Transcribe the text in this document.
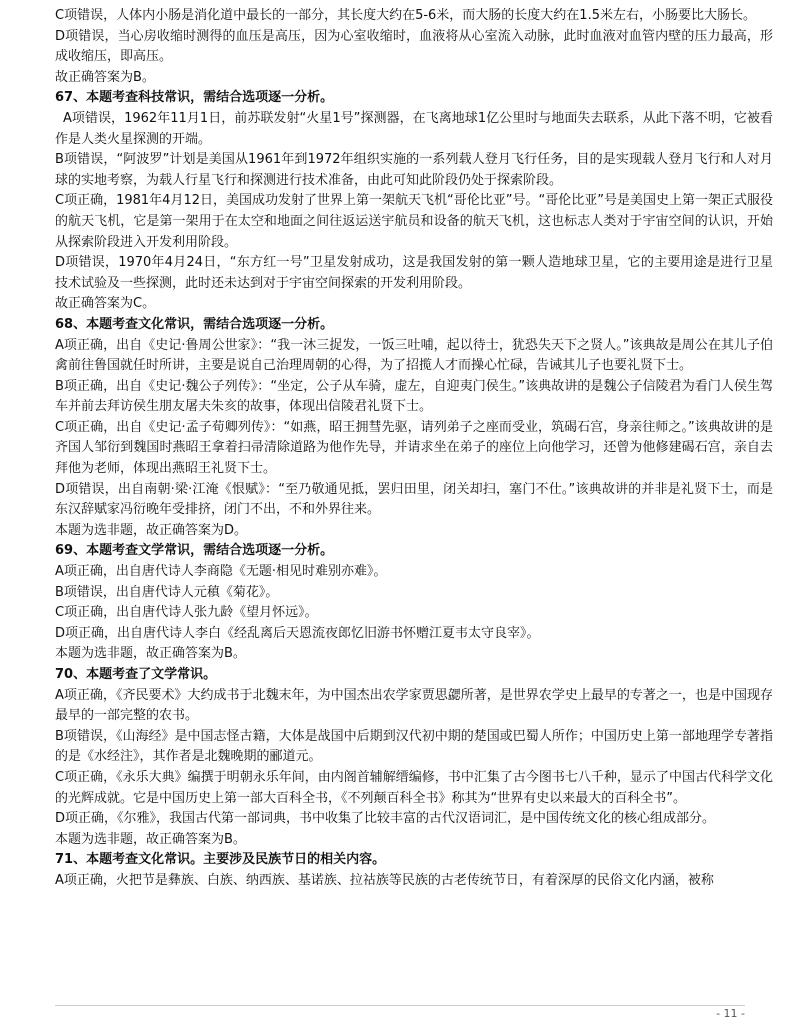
C项错误，人体内小肠是消化道中最长的一部分，其长度大约在5-6米，而大肠的长度大约在1.5米左右，小肠要比大肠长。

D项错误，当心房收缩时测得的血压是高压，因为心室收缩时，血液将从心室流入动脉，此时血液对血管内壁的压力最高，形成收缩压，即高压。

故正确答案为B。

67、本题考查科技常识，需结合选项逐一分析。

A项错误，1962年11月1日，前苏联发射“火星1号”探测器，在飞离地球1亿公里时与地面失去联系，从此下落不明，它被看作是人类火星探测的开端。

B项错误，“阿波罗”计划是美国从1961年到1972年组织实施的一系列载人登月飞行任务，目的是实现载人登月飞行和人对月球的实地考察，为载人行星飞行和探测进行技术准备，由此可知此阶段仍处于探索阶段。

C项正确，1981年4月12日，美国成功发射了世界上第一架航天飞机“哥伦比亚”号。“哥伦比亚”号是美国史上第一架正式服役的航天飞机，它是第一架用于在太空和地面之间往返运送宇航员和设备的航天飞机，这也标志人类对于宇宙空间的认识，开始从探索阶段进入开发利用阶段。

D项错误，1970年4月24日，“东方红一号”卫星发射成功，这是我国发射的第一颗人造地球卫星，它的主要用途是进行卫星技术试验及一些探测，此时还未达到对于宇宙空间探索的开发利用阶段。

故正确答案为C。

68、本题考查文化常识，需结合选项逐一分析。

A项正确，出自《史记·鲁周公世家》：“我一沐三捉发，一饭三吐哺，起以待士，犹恐失天下之贤人。”该典故是周公在其儿子伯禽前往鲁国就任时所讲，主要是说自己治理周朝的心得，为了招揽人才而操心忙碌，告诫其儿子也要礼贤下士。

B项正确，出自《史记·魏公子列传》：“坐定，公子从车骑，虚左，自迎夷门侯生。”该典故讲的是魏公子信陵君为看门人侯生驾车并前去拜访侯生朋友屠夫朱亥的故事，体现出信陵君礼贤下士。

C项正确，出自《史记·孟子荀卿列传》：“如燕，昭王拥彗先驱，请列弟子之座而受业，筑碣石宫，身亲往师之。”该典故讲的是齐国人邹衍到魏国时燕昭王拿着扫帚清除道路为他作先导，并请求坐在弟子的座位上向他学习，还曾为他修建碣石宫，亲自去拜他为老师，体现出燕昭王礼贤下士。

D项错误，出自南朝·梁·江淹《恨赋》：“至乃敬通见抵，罢归田里，闭关却扫，塞门不仕。”该典故讲的并非是礼贤下士，而是东汉辞赋家冯衍晚年受排挤，闭门不出，不和外界往来。

本题为选非题，故正确答案为D。

69、本题考查文学常识，需结合选项逐一分析。

A项正确，出自唐代诗人李商隐《无题·相见时难别亦难》。

B项错误，出自唐代诗人元稹《菊花》。

C项正确，出自唐代诗人张九龄《望月怀远》。

D项正确，出自唐代诗人李白《经乱离后天恩流夜郎忆旧游书怀赠江夏韦太守良宰》。

本题为选非题，故正确答案为B。

70、本题考查了文学常识。

A项正确，《齐民要术》大约成书于北魏末年，为中国杰出农学家贾思勰所著，是世界农学史上最早的专著之一，也是中国现存最早的一部完整的农书。

B项错误，《山海经》是中国志怪古籍，大体是战国中后期到汉代初中期的楚国或巴蜀人所作；中国历史上第一部地理学专著指的是《水经注》，其作者是北魏晚期的郦道元。

C项正确，《永乐大典》编撰于明朝永乐年间，由内阁首辅解缙编修，书中汇集了古今图书七八千种，显示了中国古代科学文化的光辉成就。它是中国历史上第一部大百科全书，《不列颠百科全书》称其为“世界有史以来最大的百科全书”。

D项正确，《尔雅》，我国古代第一部词典，书中收集了比较丰富的古代汉语词汇，是中国传统文化的核心组成部分。

本题为选非题，故正确答案为B。

71、本题考查文化常识。主要涉及民族节日的相关内容。

A项正确，火把节是彝族、白族、纳西族、基诺族、拉祜族等民族的古老传统节日，有着深厚的民俗文化内涵，被称

- 11 -
